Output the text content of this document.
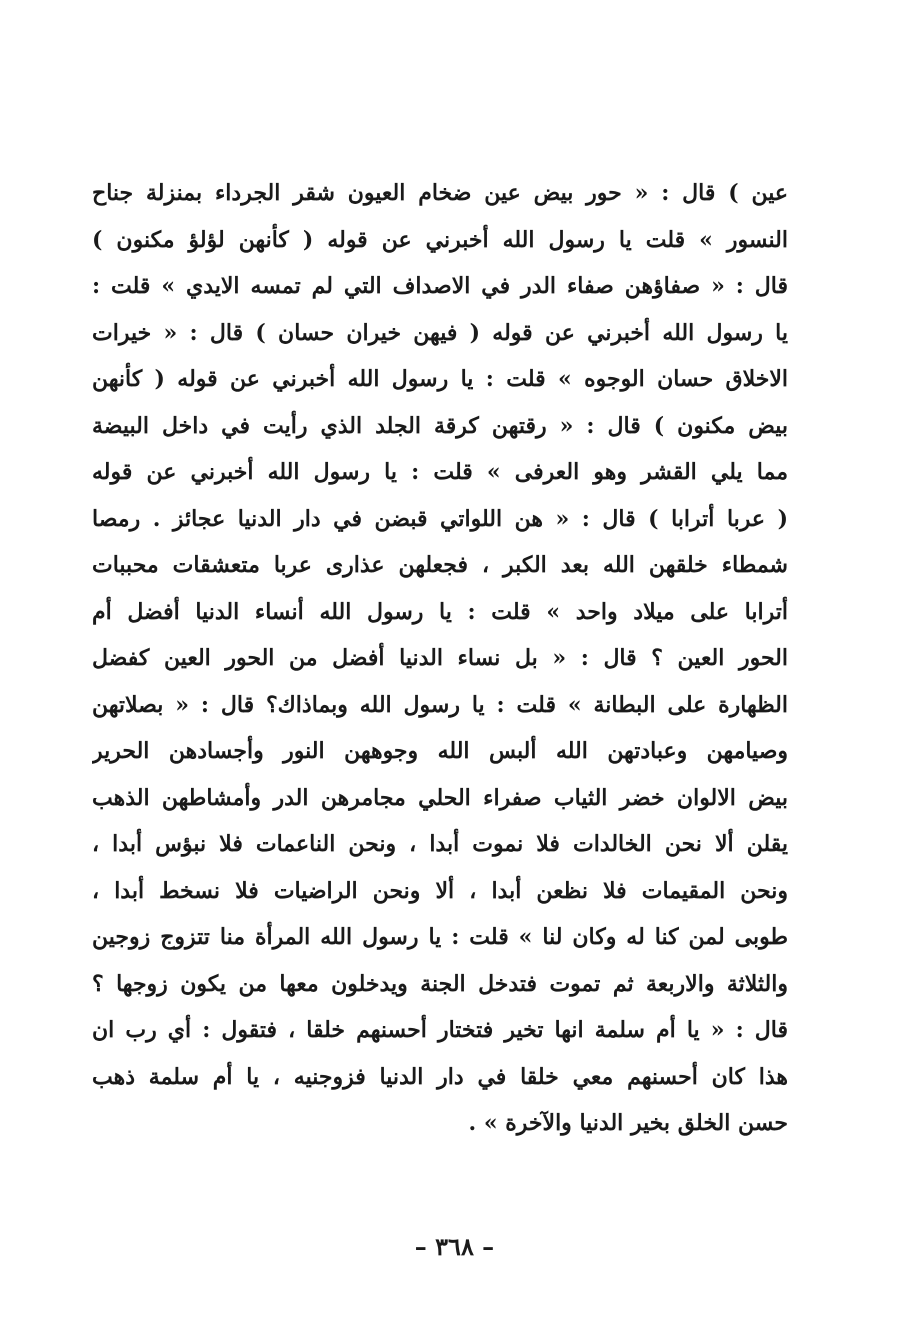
عين ) قال : « حور بيض عين ضخام العيون شقر الجرداء بمنزلة جناح
النسور » قلت يا رسول الله أخبرني عن قوله ( كأنهن لؤلؤ مكنون )
قال : « صفاؤهن صفاء الدر في الاصداف التي لم تمسه الايدي » قلت :
يا رسول الله أخبرني عن قوله ( فيهن خيران حسان ) قال : « خيرات
الاخلاق حسان الوجوه » قلت : يا رسول الله أخبرني عن قوله ( كأنهن
بيض مكنون ) قال : « رقتهن كرقة الجلد الذي رأيت في داخل البيضة
مما يلي القشر وهو العرفى » قلت : يا رسول الله أخبرني عن قوله
( عربا أترابا ) قال : « هن اللواتي قبضن في دار الدنيا عجائز . رمصا
شمطاء خلقهن الله بعد الكبر ، فجعلهن عذارى عربا متعشقات محببات
أترابا على ميلاد واحد » قلت : يا رسول الله أنساء الدنيا أفضل أم
الحور العين ؟ قال : « بل نساء الدنيا أفضل من الحور العين كفضل
الظهارة على البطانة » قلت : يا رسول الله وبماذاك؟ قال : « بصلاتهن
وصيامهن وعبادتهن الله ألبس الله وجوههن النور وأجسادهن الحرير
بيض الالوان خضر الثياب صفراء الحلي مجامرهن الدر وأمشاطهن الذهب
يقلن ألا نحن الخالدات فلا نموت أبدا ، ونحن الناعمات فلا نبؤس أبدا ،
ونحن المقيمات فلا نظعن أبدا ، ألا ونحن الراضيات فلا نسخط أبدا ،
طوبى لمن كنا له وكان لنا » قلت : يا رسول الله المرأة منا تتزوج زوجين
والثلاثة والاربعة ثم تموت فتدخل الجنة ويدخلون معها من يكون زوجها ؟
قال : « يا أم سلمة انها تخير فتختار أحسنهم خلقا ، فتقول : أي رب ان
هذا كان أحسنهم معي خلقا في دار الدنيا فزوجنيه ، يا أم سلمة ذهب
حسن الخلق بخير الدنيا والآخرة » .
– ٣٦٨ –
